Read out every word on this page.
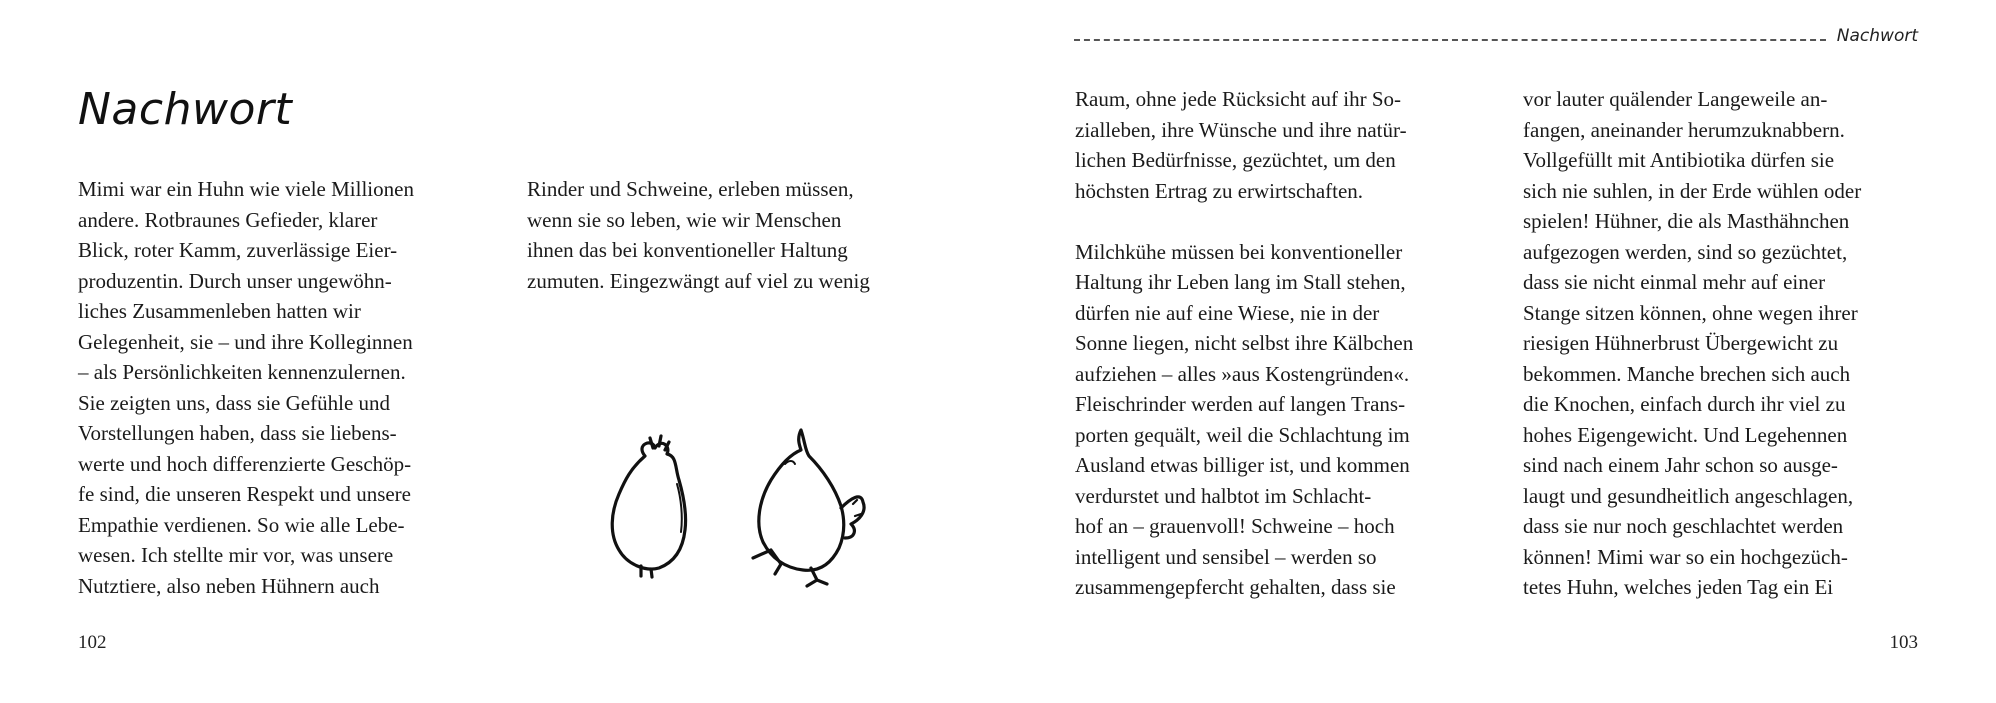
Nachwort
Mimi war ein Huhn wie viele Millionen
andere. Rotbraunes Gefieder, klarer
Blick, roter Kamm, zuverlässige Eier-
produzentin. Durch unser ungewöhn-
liches Zusammenleben hatten wir
Gelegenheit, sie – und ihre Kolleginnen
– als Persönlichkeiten kennenzulernen.
Sie zeigten uns, dass sie Gefühle und
Vorstellungen haben, dass sie liebens-
werte und hoch differenzierte Geschöp-
fe sind, die unseren Respekt und unsere
Empathie verdienen. So wie alle Lebe-
wesen. Ich stellte mir vor, was unsere
Nutztiere, also neben Hühnern auch
Rinder und Schweine, erleben müssen,
wenn sie so leben, wie wir Menschen
ihnen das bei konventioneller Haltung
zumuten. Eingezwängt auf viel zu wenig
102
Nachwort
Raum, ohne jede Rücksicht auf ihr So-
zialleben, ihre Wünsche und ihre natür-
lichen Bedürfnisse, gezüchtet, um den
höchsten Ertrag zu erwirtschaften.
Milchkühe müssen bei konventioneller
Haltung ihr Leben lang im Stall stehen,
dürfen nie auf eine Wiese, nie in der
Sonne liegen, nicht selbst ihre Kälbchen
aufziehen – alles »aus Kostengründen«.
Fleischrinder werden auf langen Trans-
porten gequält, weil die Schlachtung im
Ausland etwas billiger ist, und kommen
verdurstet und halbtot im Schlacht-
hof an – grauenvoll! Schweine – hoch
intelligent und sensibel – werden so
zusammengepfercht gehalten, dass sie
vor lauter quälender Langeweile an-
fangen, aneinander herumzuknabbern.
Vollgefüllt mit Antibiotika dürfen sie
sich nie suhlen, in der Erde wühlen oder
spielen! Hühner, die als Masthähnchen
aufgezogen werden, sind so gezüchtet,
dass sie nicht einmal mehr auf einer
Stange sitzen können, ohne wegen ihrer
riesigen Hühnerbrust Übergewicht zu
bekommen. Manche brechen sich auch
die Knochen, einfach durch ihr viel zu
hohes Eigengewicht. Und Legehennen
sind nach einem Jahr schon so ausge-
laugt und gesundheitlich angeschlagen,
dass sie nur noch geschlachtet werden
können! Mimi war so ein hochgezüch-
tetes Huhn, welches jeden Tag ein Ei
103
